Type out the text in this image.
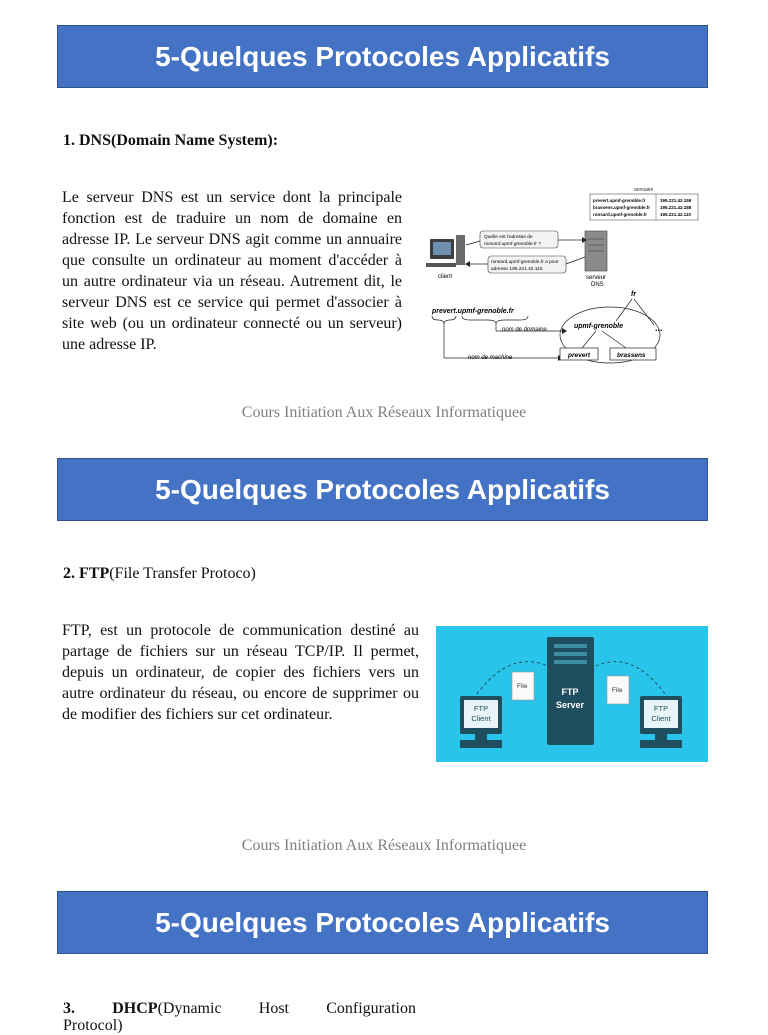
5-Quelques Protocoles Applicatifs
1. DNS(Domain Name System):

Le serveur DNS est un service dont la principale fonction est de traduire un nom de domaine en adresse IP. Le serveur DNS agit comme un annuaire que consulte un ordinateur au moment d'accéder à un autre ordinateur via un réseau. Autrement dit, le serveur DNS est ce service qui permet d'associer à site web (ou un ordinateur connecté ou un serveur) une adresse IP.

annuaire
prevert.upmf-grenoble.fr	195.221.42.159
brassens.upmf-grenoble.fr 195.221.42.188
ronsard.upmf-grenoble.fr	195.221.42.110
client	serveur
DNS
Quelle est l'adresse de
ronsard.upmf-grenoble.fr ?
ronsard.upmf-grenoble.fr a pour
adresse 195.221.42.110
prevert.upmf-grenoble.fr
nom de domaine
nom de machine
fr
...
upmf-grenoble
prevert	brassens
Cours Initiation Aux Réseaux Informatiquee
5-Quelques Protocoles Applicatifs
2. FTP(File Transfer Protoco)

FTP, est un protocole de communication destiné au partage de fichiers sur un réseau TCP/IP. Il permet, depuis un ordinateur, de copier des fichiers vers un autre ordinateur du réseau, ou encore de supprimer ou de modifier des fichiers sur cet ordinateur.

FTP
Server
File
File
FTP
Client
FTP
Client
Cours Initiation Aux Réseaux Informatiquee
5-Quelques Protocoles Applicatifs
3. DHCP(Dynamic Host Configuration
Protocol)
